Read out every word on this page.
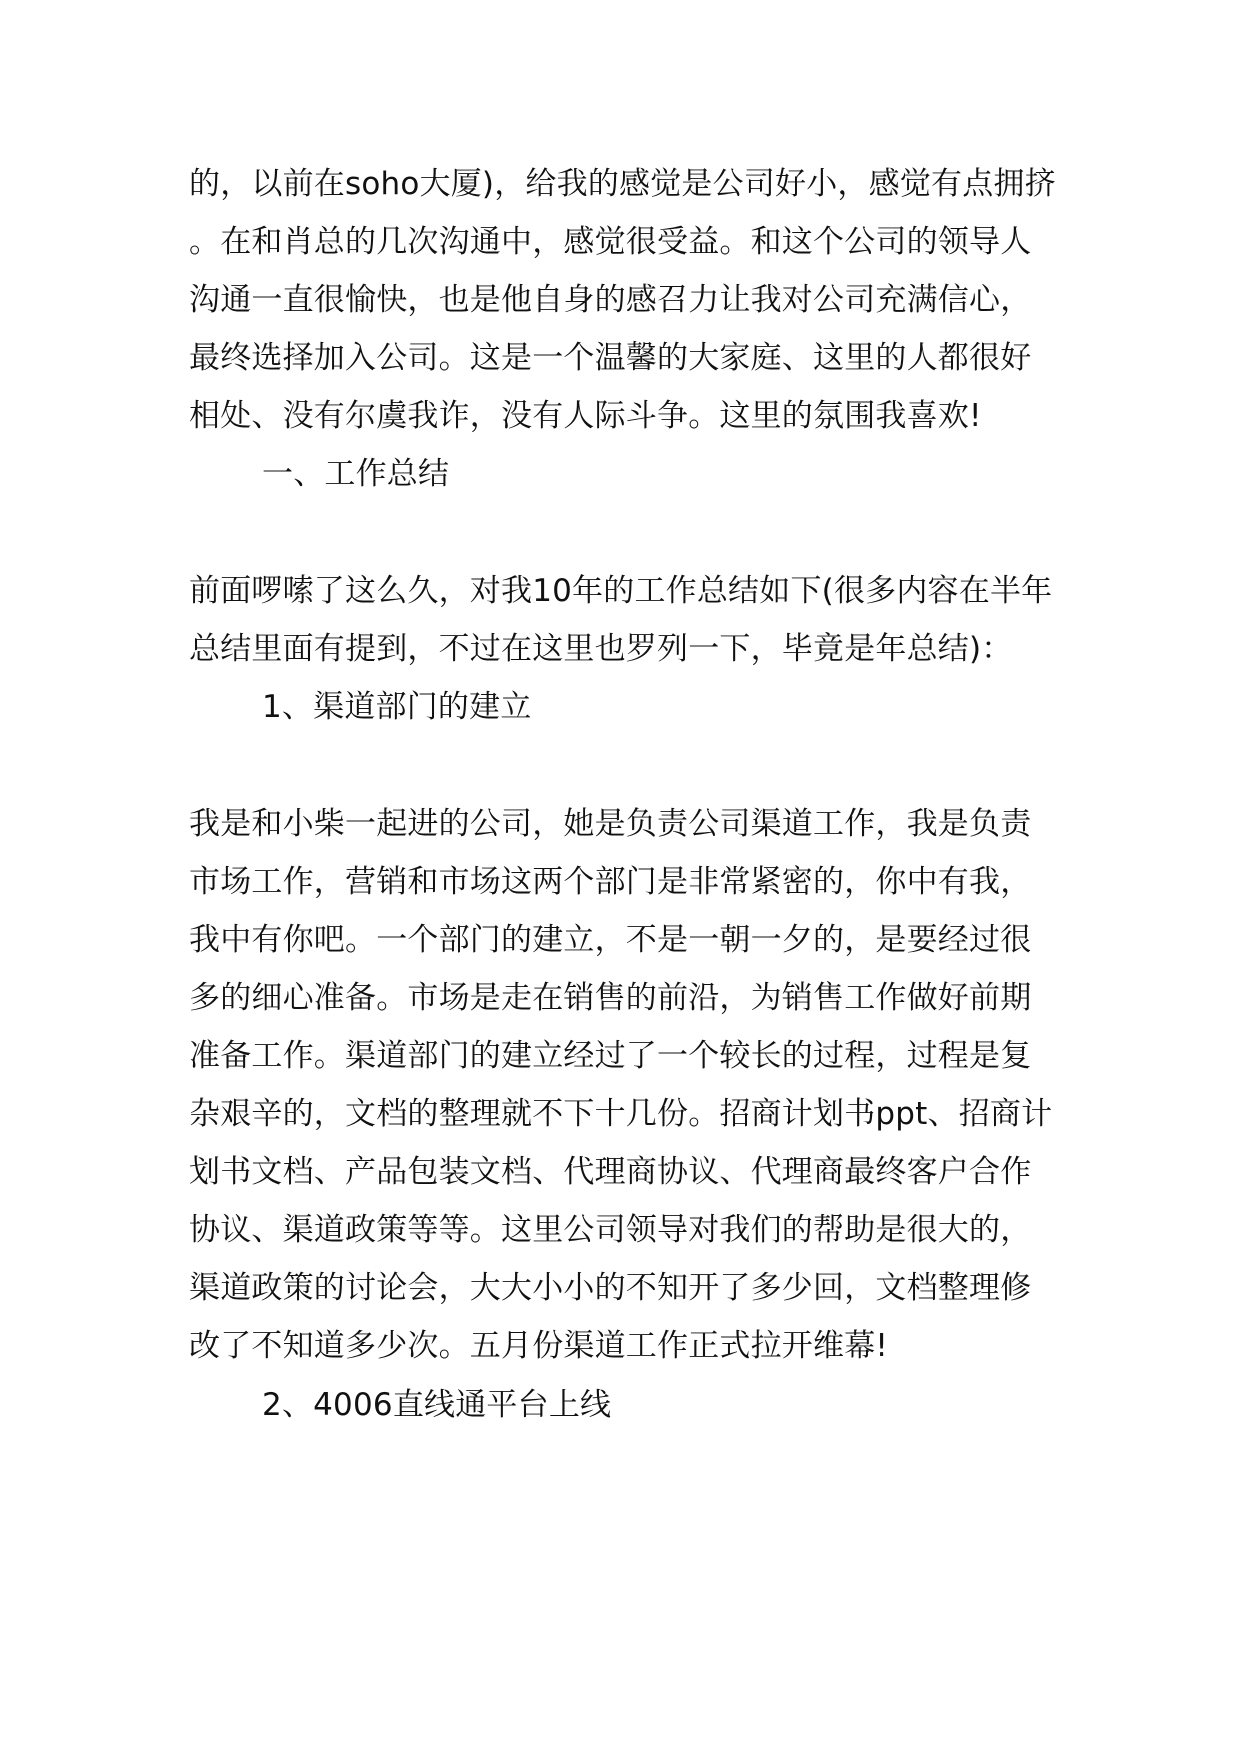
的，以前在soho大厦)，给我的感觉是公司好小，感觉有点拥挤
。在和肖总的几次沟通中，感觉很受益。和这个公司的领导人
沟通一直很愉快，也是他自身的感召力让我对公司充满信心，
最终选择加入公司。这是一个温馨的大家庭、这里的人都很好
相处、没有尔虞我诈，没有人际斗争。这里的氛围我喜欢!
一、工作总结
前面啰嗦了这么久，对我10年的工作总结如下(很多内容在半年
总结里面有提到，不过在这里也罗列一下，毕竟是年总结)：
1、渠道部门的建立
我是和小柴一起进的公司，她是负责公司渠道工作，我是负责
市场工作，营销和市场这两个部门是非常紧密的，你中有我，
我中有你吧。一个部门的建立，不是一朝一夕的，是要经过很
多的细心准备。市场是走在销售的前沿，为销售工作做好前期
准备工作。渠道部门的建立经过了一个较长的过程，过程是复
杂艰辛的，文档的整理就不下十几份。招商计划书ppt、招商计
划书文档、产品包装文档、代理商协议、代理商最终客户合作
协议、渠道政策等等。这里公司领导对我们的帮助是很大的，
渠道政策的讨论会，大大小小的不知开了多少回，文档整理修
改了不知道多少次。五月份渠道工作正式拉开维幕!
2、4006直线通平台上线
